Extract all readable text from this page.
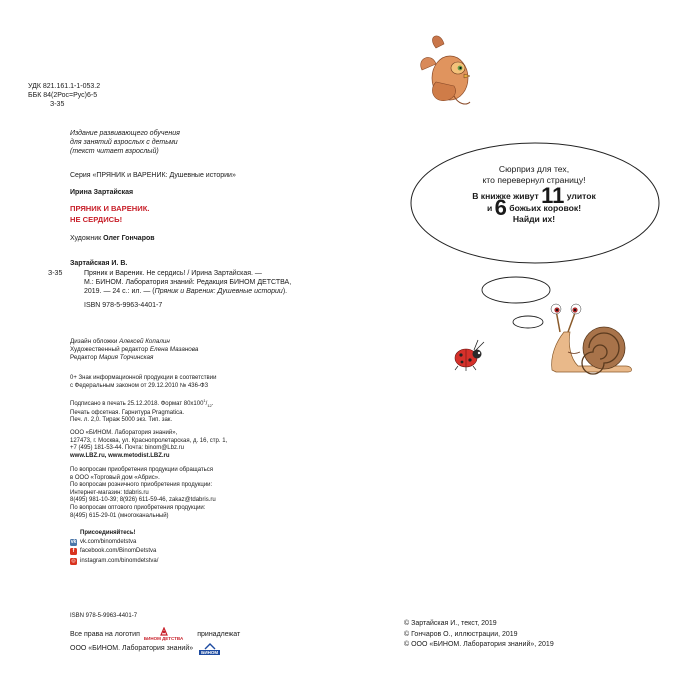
УДК 821.161.1-1-053.2
ББК 84(2Рос=Рус)6-5
З-35
Издание развивающего обучения
для занятий взрослых с детьми
(текст читает взрослый)
Серия «ПРЯНИК и ВАРЕНИК: Душевные истории»
Ирина Зартайская
ПРЯНИК И ВАРЕНИК.
НЕ СЕРДИСЬ!
Художник Олег Гончаров
Зартайская И. В.
З-35	Пряник и Вареник. Не сердись! / Ирина Зартайская. —
М.: БИНОМ. Лаборатория знаний: Редакция БИНОМ ДЕТСТВА,
2019. — 24 с.: ил. — (Пряник и Вареник: Душевные истории).
ISBN 978-5-9963-4401-7
Дизайн обложки Алексей Копалин
Художественный редактор Елена Мазанова
Редактор Мария Торчинская
0+ Знак информационной продукции в соответствии
с Федеральным законом от 29.12.2010 № 436-ФЗ
Подписано в печать 25.12.2018. Формат $80x100^1/_{12}$.
Печать офсетная. Гарнитура Pragmatica.
Печ. л. 2,0. Тираж 5000 экз. Тип. зак.
ООО «БИНОМ. Лаборатория знаний»,
127473, г. Москва, ул. Краснопролетарская, д. 16, стр. 1,
+7 (495) 181-53-44. Почта: binom@Lbz.ru
www.LBZ.ru, www.metodist.LBZ.ru
По вопросам приобретения продукции обращаться
в ООО «Торговый дом «Абрис».
По вопросам розничного приобретения продукции:
Интернет-магазин: tdabris.ru
8(495) 981-10-39; 8(926) 611-59-46, zakaz@tdabris.ru
По вопросам оптового приобретения продукции:
8(495) 615-29-01 (многоканальный)
Присоединяйтесь!
vk vk.com/binomdetstva
f facebook.com/BinomDetstva
◎ instagram.com/binomdetstva/
ISBN 978-5-9963-4401-7
Все права на логотип
БИНОМ ДЕТСТВА
принадлежат
ООО «БИНОМ. Лаборатория знаний»
БИНОМ
Сюрприз для тех,
кто перевернул страницу!
В книжке живут 11 улиток
и 6 божьих коровок!
Найди их!
© Зартайская И., текст, 2019
© Гончаров О., иллюстрации, 2019
© ООО «БИНОМ. Лаборатория знаний», 2019
